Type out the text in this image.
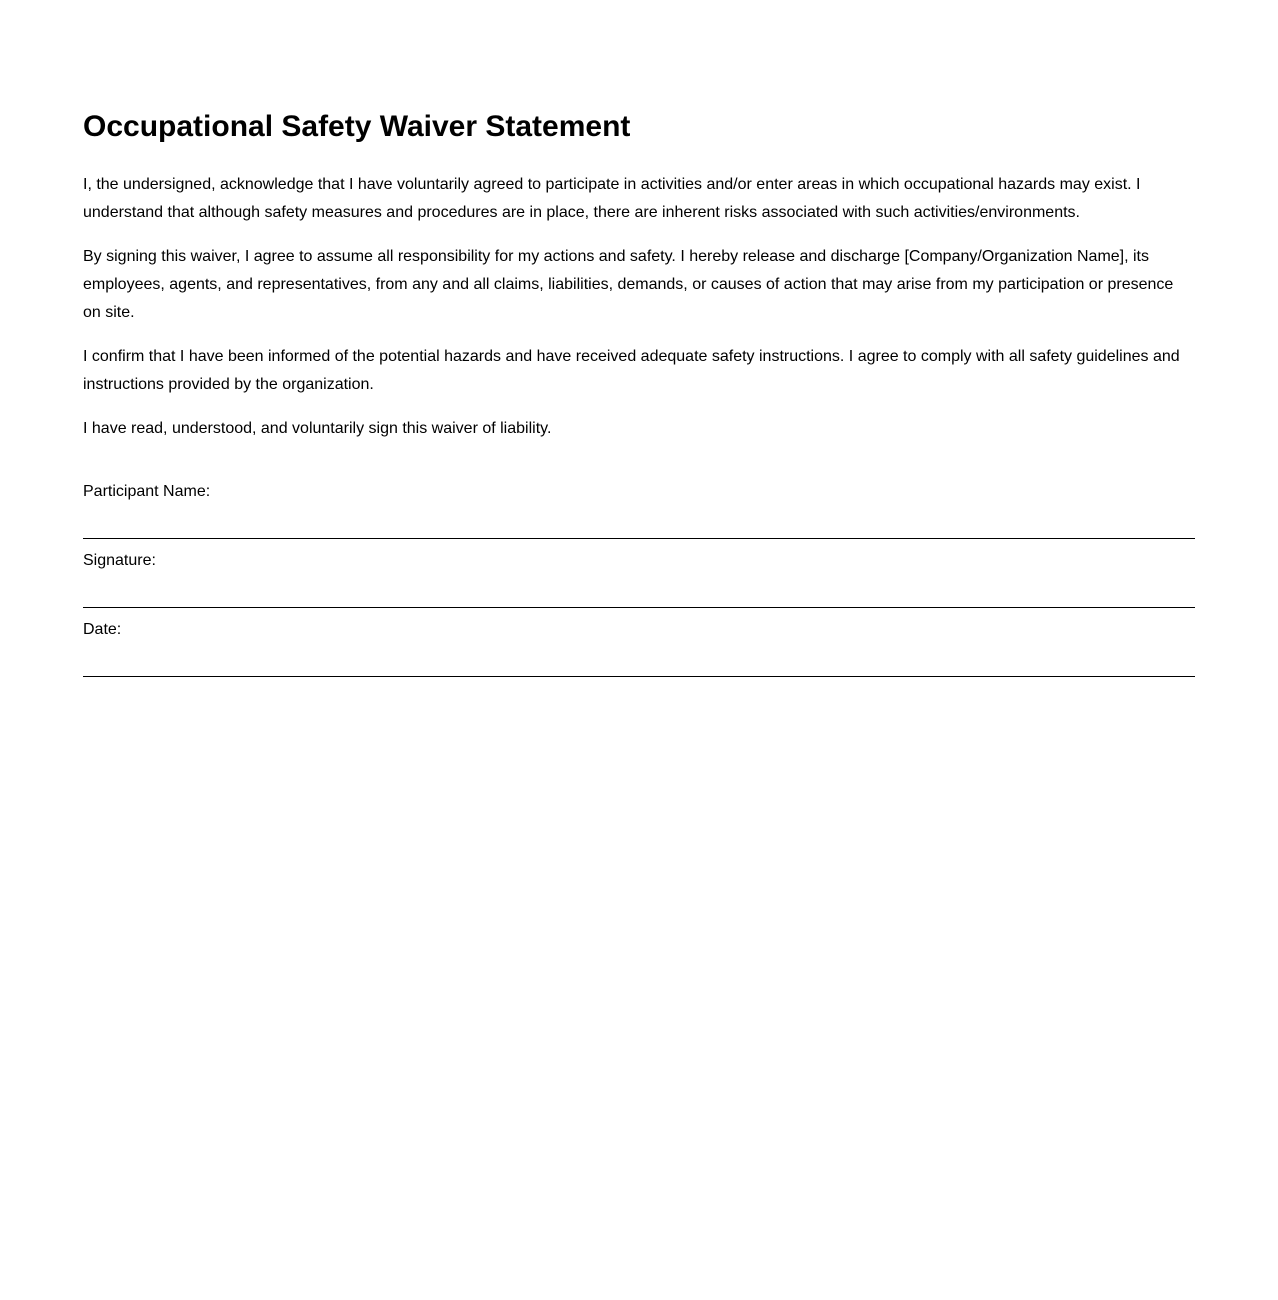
Occupational Safety Waiver Statement

I, the undersigned, acknowledge that I have voluntarily agreed to participate in activities and/or enter areas in which occupational hazards may exist. I understand that although safety measures and procedures are in place, there are inherent risks associated with such activities/environments.

By signing this waiver, I agree to assume all responsibility for my actions and safety. I hereby release and discharge [Company/Organization Name], its employees, agents, and representatives, from any and all claims, liabilities, demands, or causes of action that may arise from my participation or presence on site.

I confirm that I have been informed of the potential hazards and have received adequate safety instructions. I agree to comply with all safety guidelines and instructions provided by the organization.

I have read, understood, and voluntarily sign this waiver of liability.

Participant Name:
Signature:
Date:
